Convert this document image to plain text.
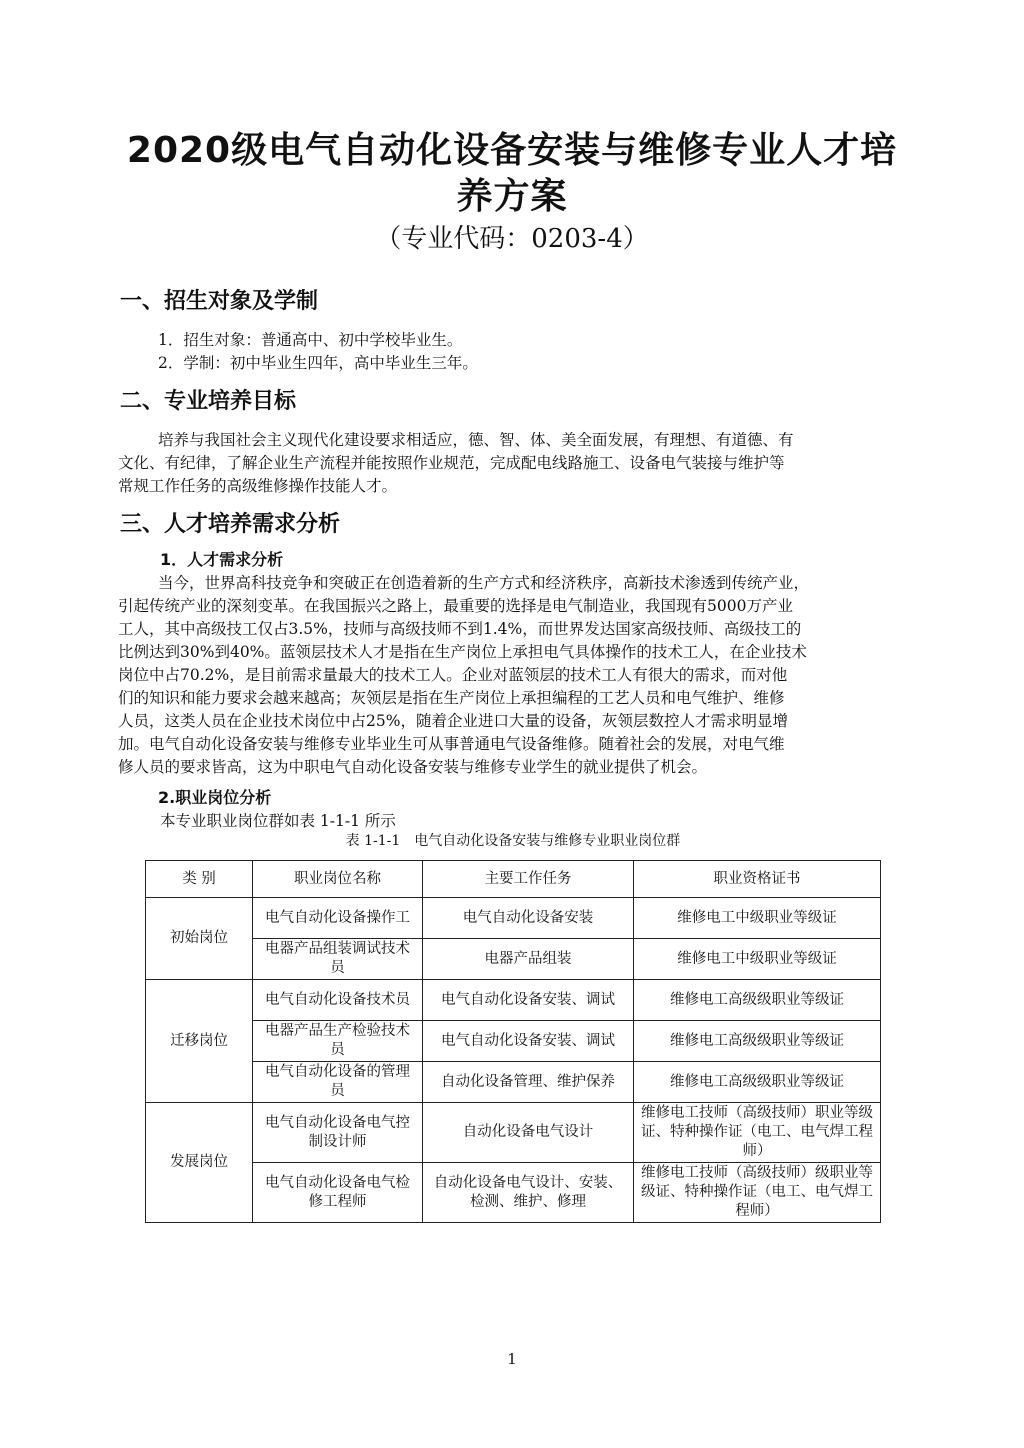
2020级电气自动化设备安装与维修专业人才培
养方案
（专业代码：0203-4）
一、招生对象及学制
1．招生对象：普通高中、初中学校毕业生。
2．学制：初中毕业生四年，高中毕业生三年。
二、专业培养目标
培养与我国社会主义现代化建设要求相适应，德、智、体、美全面发展，有理想、有道德、有
文化、有纪律，了解企业生产流程并能按照作业规范，完成配电线路施工、设备电气装接与维护等
常规工作任务的高级维修操作技能人才。
三、人才培养需求分析
1．人才需求分析
当今，世界高科技竞争和突破正在创造着新的生产方式和经济秩序，高新技术渗透到传统产业，
引起传统产业的深刻变革。在我国振兴之路上，最重要的选择是电气制造业，我国现有5000万产业
工人，其中高级技工仅占3.5%，技师与高级技师不到1.4%，而世界发达国家高级技师、高级技工的
比例达到30%到40%。蓝领层技术人才是指在生产岗位上承担电气具体操作的技术工人，在企业技术
岗位中占70.2%，是目前需求量最大的技术工人。企业对蓝领层的技术工人有很大的需求，而对他
们的知识和能力要求会越来越高；灰领层是指在生产岗位上承担编程的工艺人员和电气维护、维修
人员，这类人员在企业技术岗位中占25%，随着企业进口大量的设备，灰领层数控人才需求明显增
加。电气自动化设备安装与维修专业毕业生可从事普通电气设备维修。随着社会的发展，对电气维
修人员的要求皆高，这为中职电气自动化设备安装与维修专业学生的就业提供了机会。
2.职业岗位分析
本专业职业岗位群如表 1-1-1 所示
表 1-1-1　电气自动化设备安装与维修专业职业岗位群
类 别	职业岗位名称	主要工作任务	职业资格证书
初始岗位	电气自动化设备操作工	电气自动化设备安装	维修电工中级职业等级证
	电器产品组装调试技术员	电器产品组装	维修电工中级职业等级证
迁移岗位	电气自动化设备技术员	电气自动化设备安装、调试	维修电工高级级职业等级证
	电器产品生产检验技术员	电气自动化设备安装、调试	维修电工高级级职业等级证
	电气自动化设备的管理员	自动化设备管理、维护保养	维修电工高级级职业等级证
发展岗位	电气自动化设备电气控制设计师	自动化设备电气设计	维修电工技师（高级技师）职业等级证、特种操作证（电工、电气焊工程师）
	电气自动化设备电气检修工程师	自动化设备电气设计、安装、检测、维护、修理	维修电工技师（高级技师）级职业等级证、特种操作证（电工、电气焊工程师）
1
